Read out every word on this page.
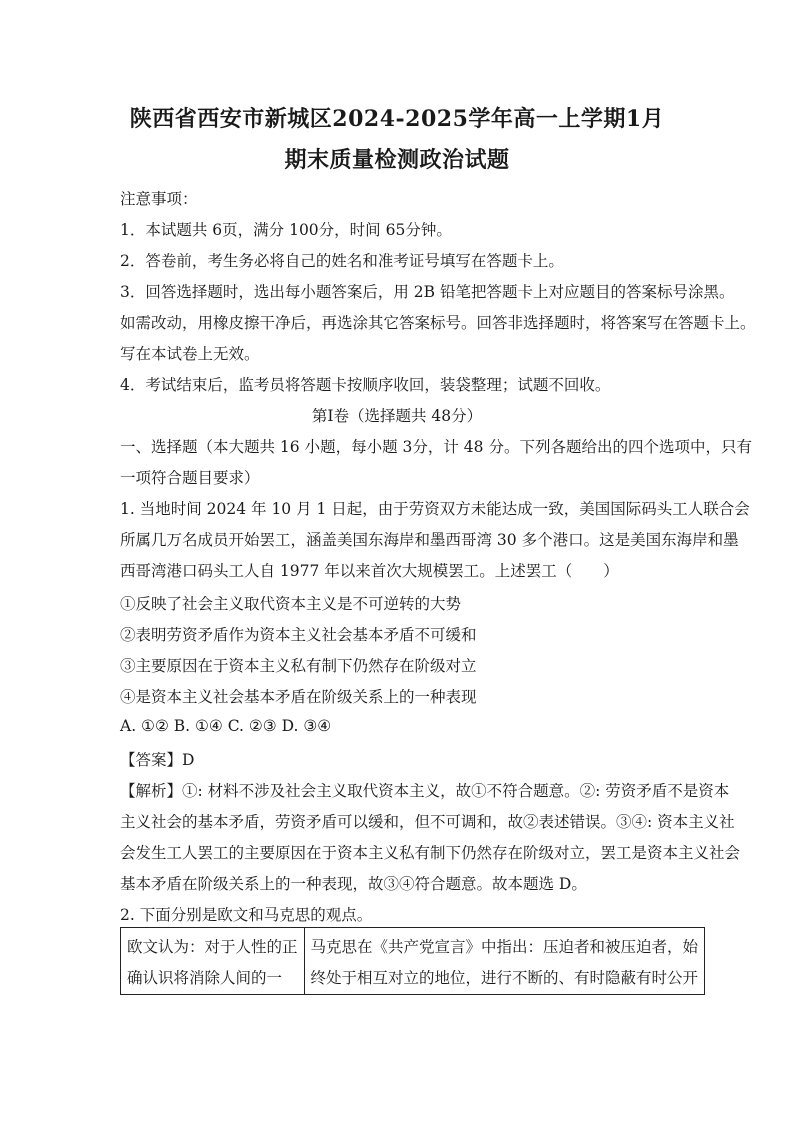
陕西省西安市新城区2024-2025学年高一上学期1月
期末质量检测政治试题
注意事项：
1．本试题共 6页，满分 100分，时间 65分钟。
2．答卷前，考生务必将自己的姓名和准考证号填写在答题卡上。
3．回答选择题时，选出每小题答案后，用 2B 铅笔把答题卡上对应题目的答案标号涂黑。
如需改动，用橡皮擦干净后，再选涂其它答案标号。回答非选择题时，将答案写在答题卡上。
写在本试卷上无效。
4．考试结束后，监考员将答题卡按顺序收回，装袋整理；试题不回收。
第Ⅰ卷（选择题共 48分）
一、选择题（本大题共 16 小题，每小题 3分，计 48 分。下列各题给出的四个选项中，只有
一项符合题目要求）
1. 当地时间 2024 年 10 月 1 日起，由于劳资双方未能达成一致，美国国际码头工人联合会
所属几万名成员开始罢工，涵盖美国东海岸和墨西哥湾 30 多个港口。这是美国东海岸和墨
西哥湾港口码头工人自 1977 年以来首次大规模罢工。上述罢工（　　）
①反映了社会主义取代资本主义是不可逆转的大势
②表明劳资矛盾作为资本主义社会基本矛盾不可缓和
③主要原因在于资本主义私有制下仍然存在阶级对立
④是资本主义社会基本矛盾在阶级关系上的一种表现
A. ①② B. ①④ C. ②③ D. ③④
【答案】D
【解析】①: 材料不涉及社会主义取代资本主义，故①不符合题意。②: 劳资矛盾不是资本
主义社会的基本矛盾，劳资矛盾可以缓和，但不可调和，故②表述错误。③④: 资本主义社
会发生工人罢工的主要原因在于资本主义私有制下仍然存在阶级对立，罢工是资本主义社会
基本矛盾在阶级关系上的一种表现，故③④符合题意。故本题选 D。
2. 下面分别是欧文和马克思的观点。
欧文认为：对于人性的正
确认识将消除人间的一

马克思在《共产党宣言》中指出：压迫者和被压迫者，始
终处于相互对立的地位，进行不断的、有时隐蔽有时公开
